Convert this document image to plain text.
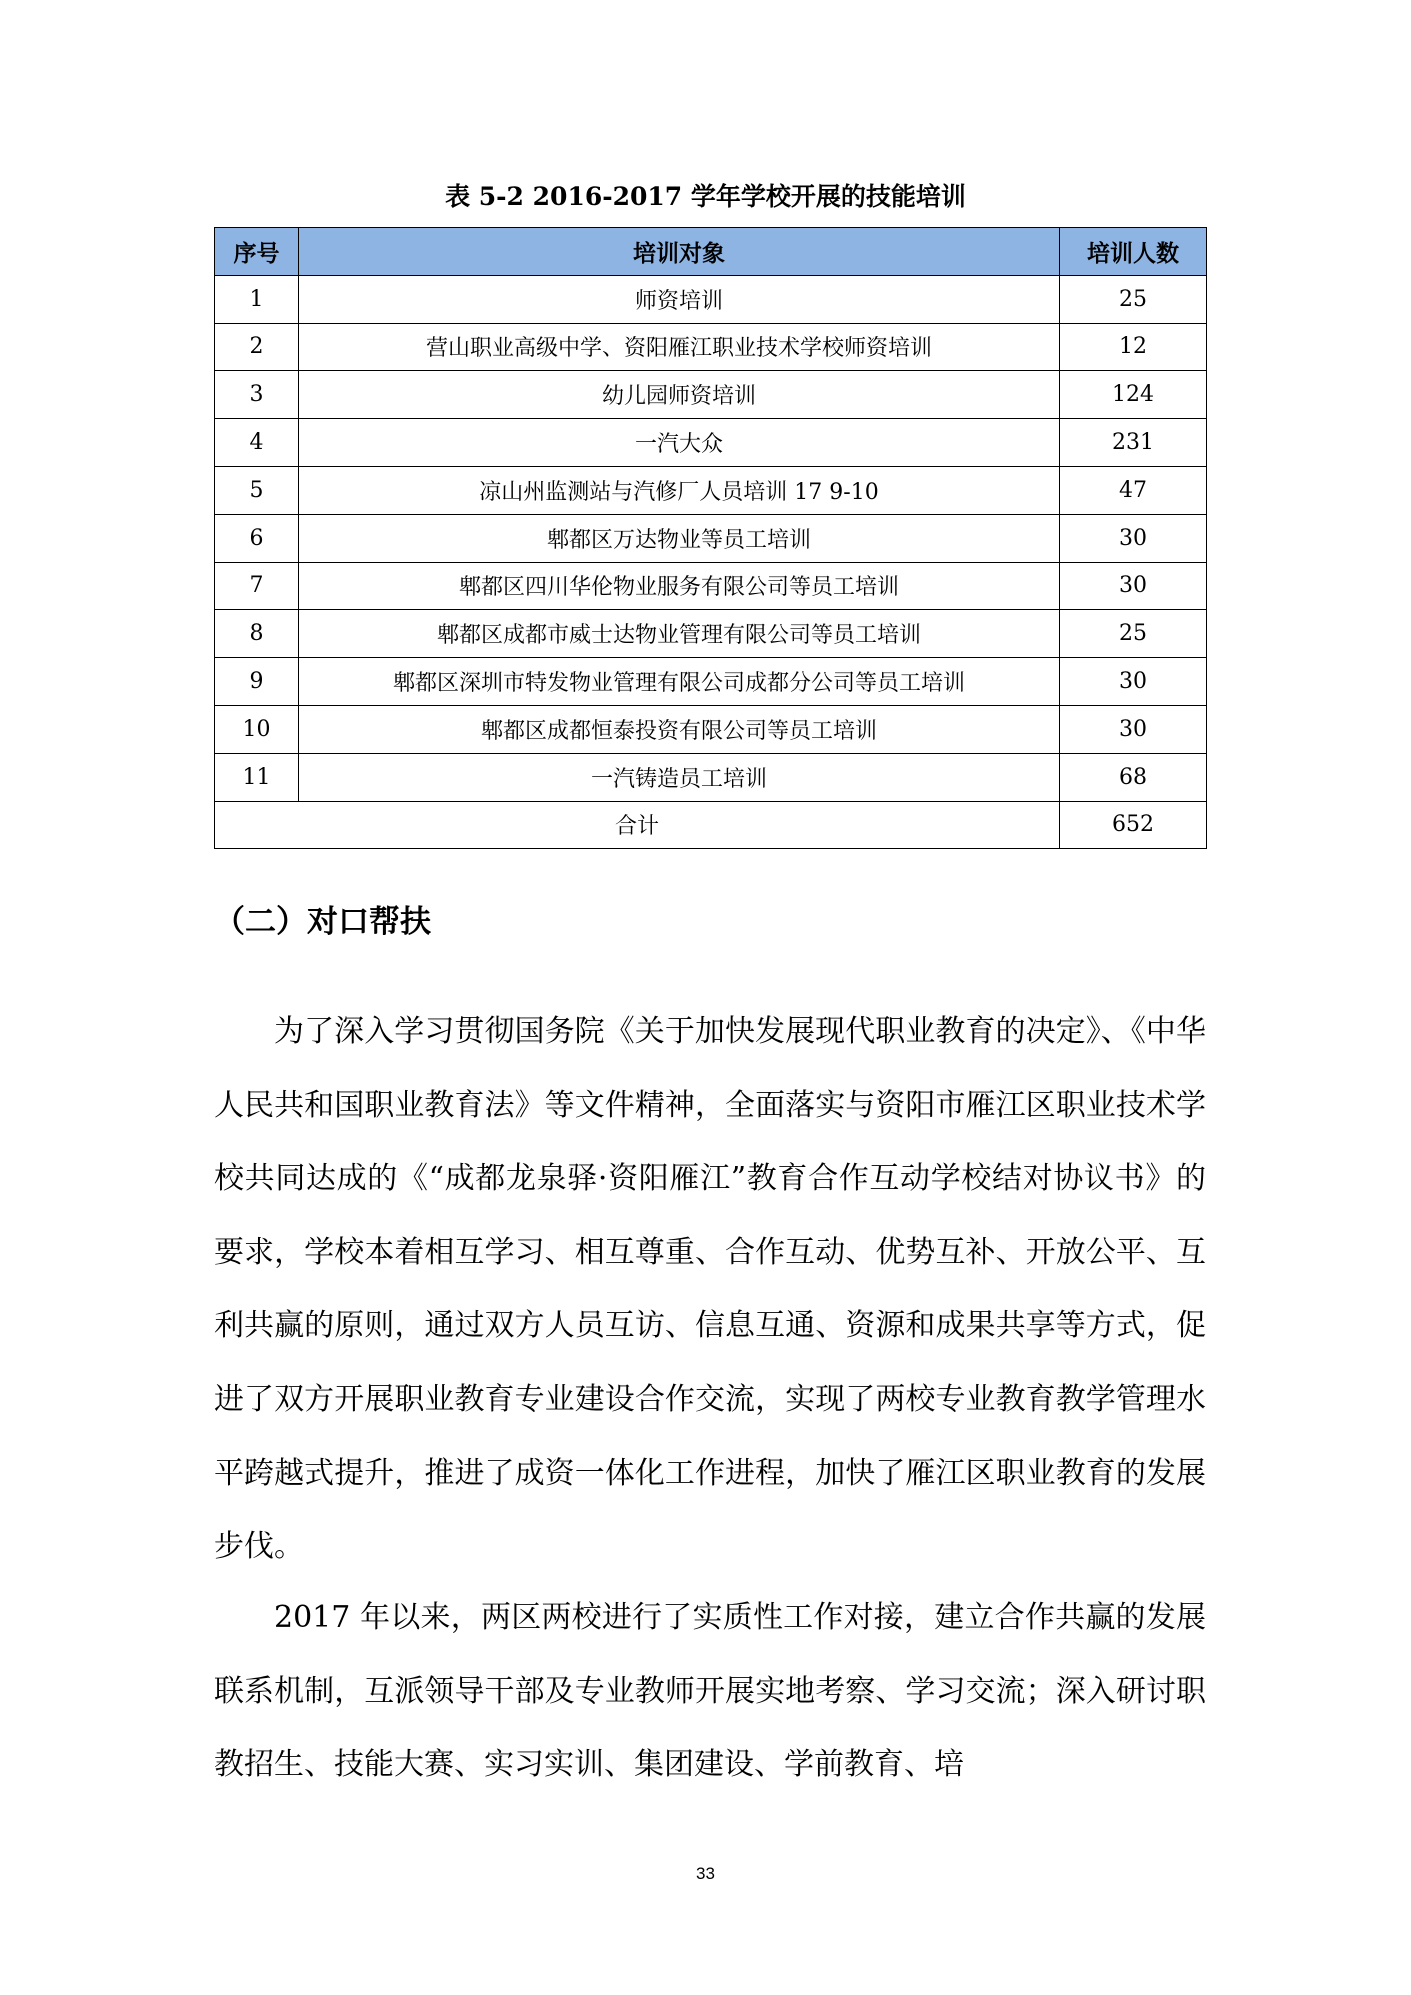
表 5-2 2016-2017 学年学校开展的技能培训
序号	培训对象	培训人数
1	师资培训	25
2	营山职业高级中学、资阳雁江职业技术学校师资培训	12
3	幼儿园师资培训	124
4	一汽大众	231
5	凉山州监测站与汽修厂人员培训 17 9-10	47
6	郫都区万达物业等员工培训	30
7	郫都区四川华伦物业服务有限公司等员工培训	30
8	郫都区成都市威士达物业管理有限公司等员工培训	25
9	郫都区深圳市特发物业管理有限公司成都分公司等员工培训	30
10	郫都区成都恒泰投资有限公司等员工培训	30
11	一汽铸造员工培训	68
合计		652
（二）对口帮扶

为了深入学习贯彻国务院《关于加快发展现代职业教育的决定》、《中华人民共和国职业教育法》等文件精神，全面落实与资阳市雁江区职业技术学校共同达成的《“成都龙泉驿·资阳雁江”教育合作互动学校结对协议书》的要求，学校本着相互学习、相互尊重、合作互动、优势互补、开放公平、互利共赢的原则，通过双方人员互访、信息互通、资源和成果共享等方式，促进了双方开展职业教育专业建设合作交流，实现了两校专业教育教学管理水平跨越式提升，推进了成资一体化工作进程，加快了雁江区职业教育的发展步伐。

2017 年以来，两区两校进行了实质性工作对接，建立合作共赢的发展联系机制，互派领导干部及专业教师开展实地考察、学习交流；深入研讨职教招生、技能大赛、实习实训、集团建设、学前教育、培

33
